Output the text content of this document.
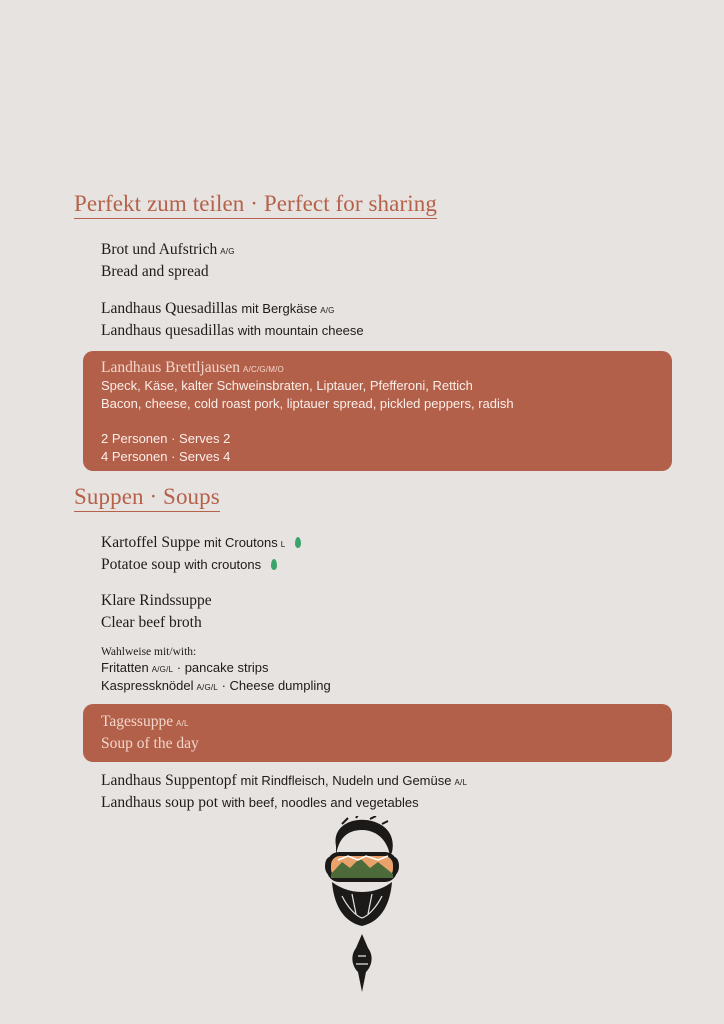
Perfekt zum teilen · Perfect for sharing
Brot und Aufstrich A/G
Bread and spread
Landhaus Quesadillas mit Bergkäse A/G
Landhaus quesadillas with mountain cheese
Landhaus Brettljausen A/C/G/M/O
Speck, Käse, kalter Schweinsbraten, Liptauer, Pfefferoni, Rettich
Bacon, cheese, cold roast pork, liptauer spread, pickled peppers, radish
2 Personen · Serves 2
4 Personen · Serves 4
Suppen · Soups
Kartoffel Suppe mit Croutons L
Potatoe soup with croutons
Klare Rindssuppe
Clear beef broth
Wahlweise mit/with:
Fritatten A/G/L · pancake strips
Kaspressknödel A/G/L · Cheese dumpling
Tagessuppe A/L
Soup of the day
Landhaus Suppentopf mit Rindfleisch, Nudeln und Gemüse A/L
Landhaus soup pot with beef, noodles and vegetables
